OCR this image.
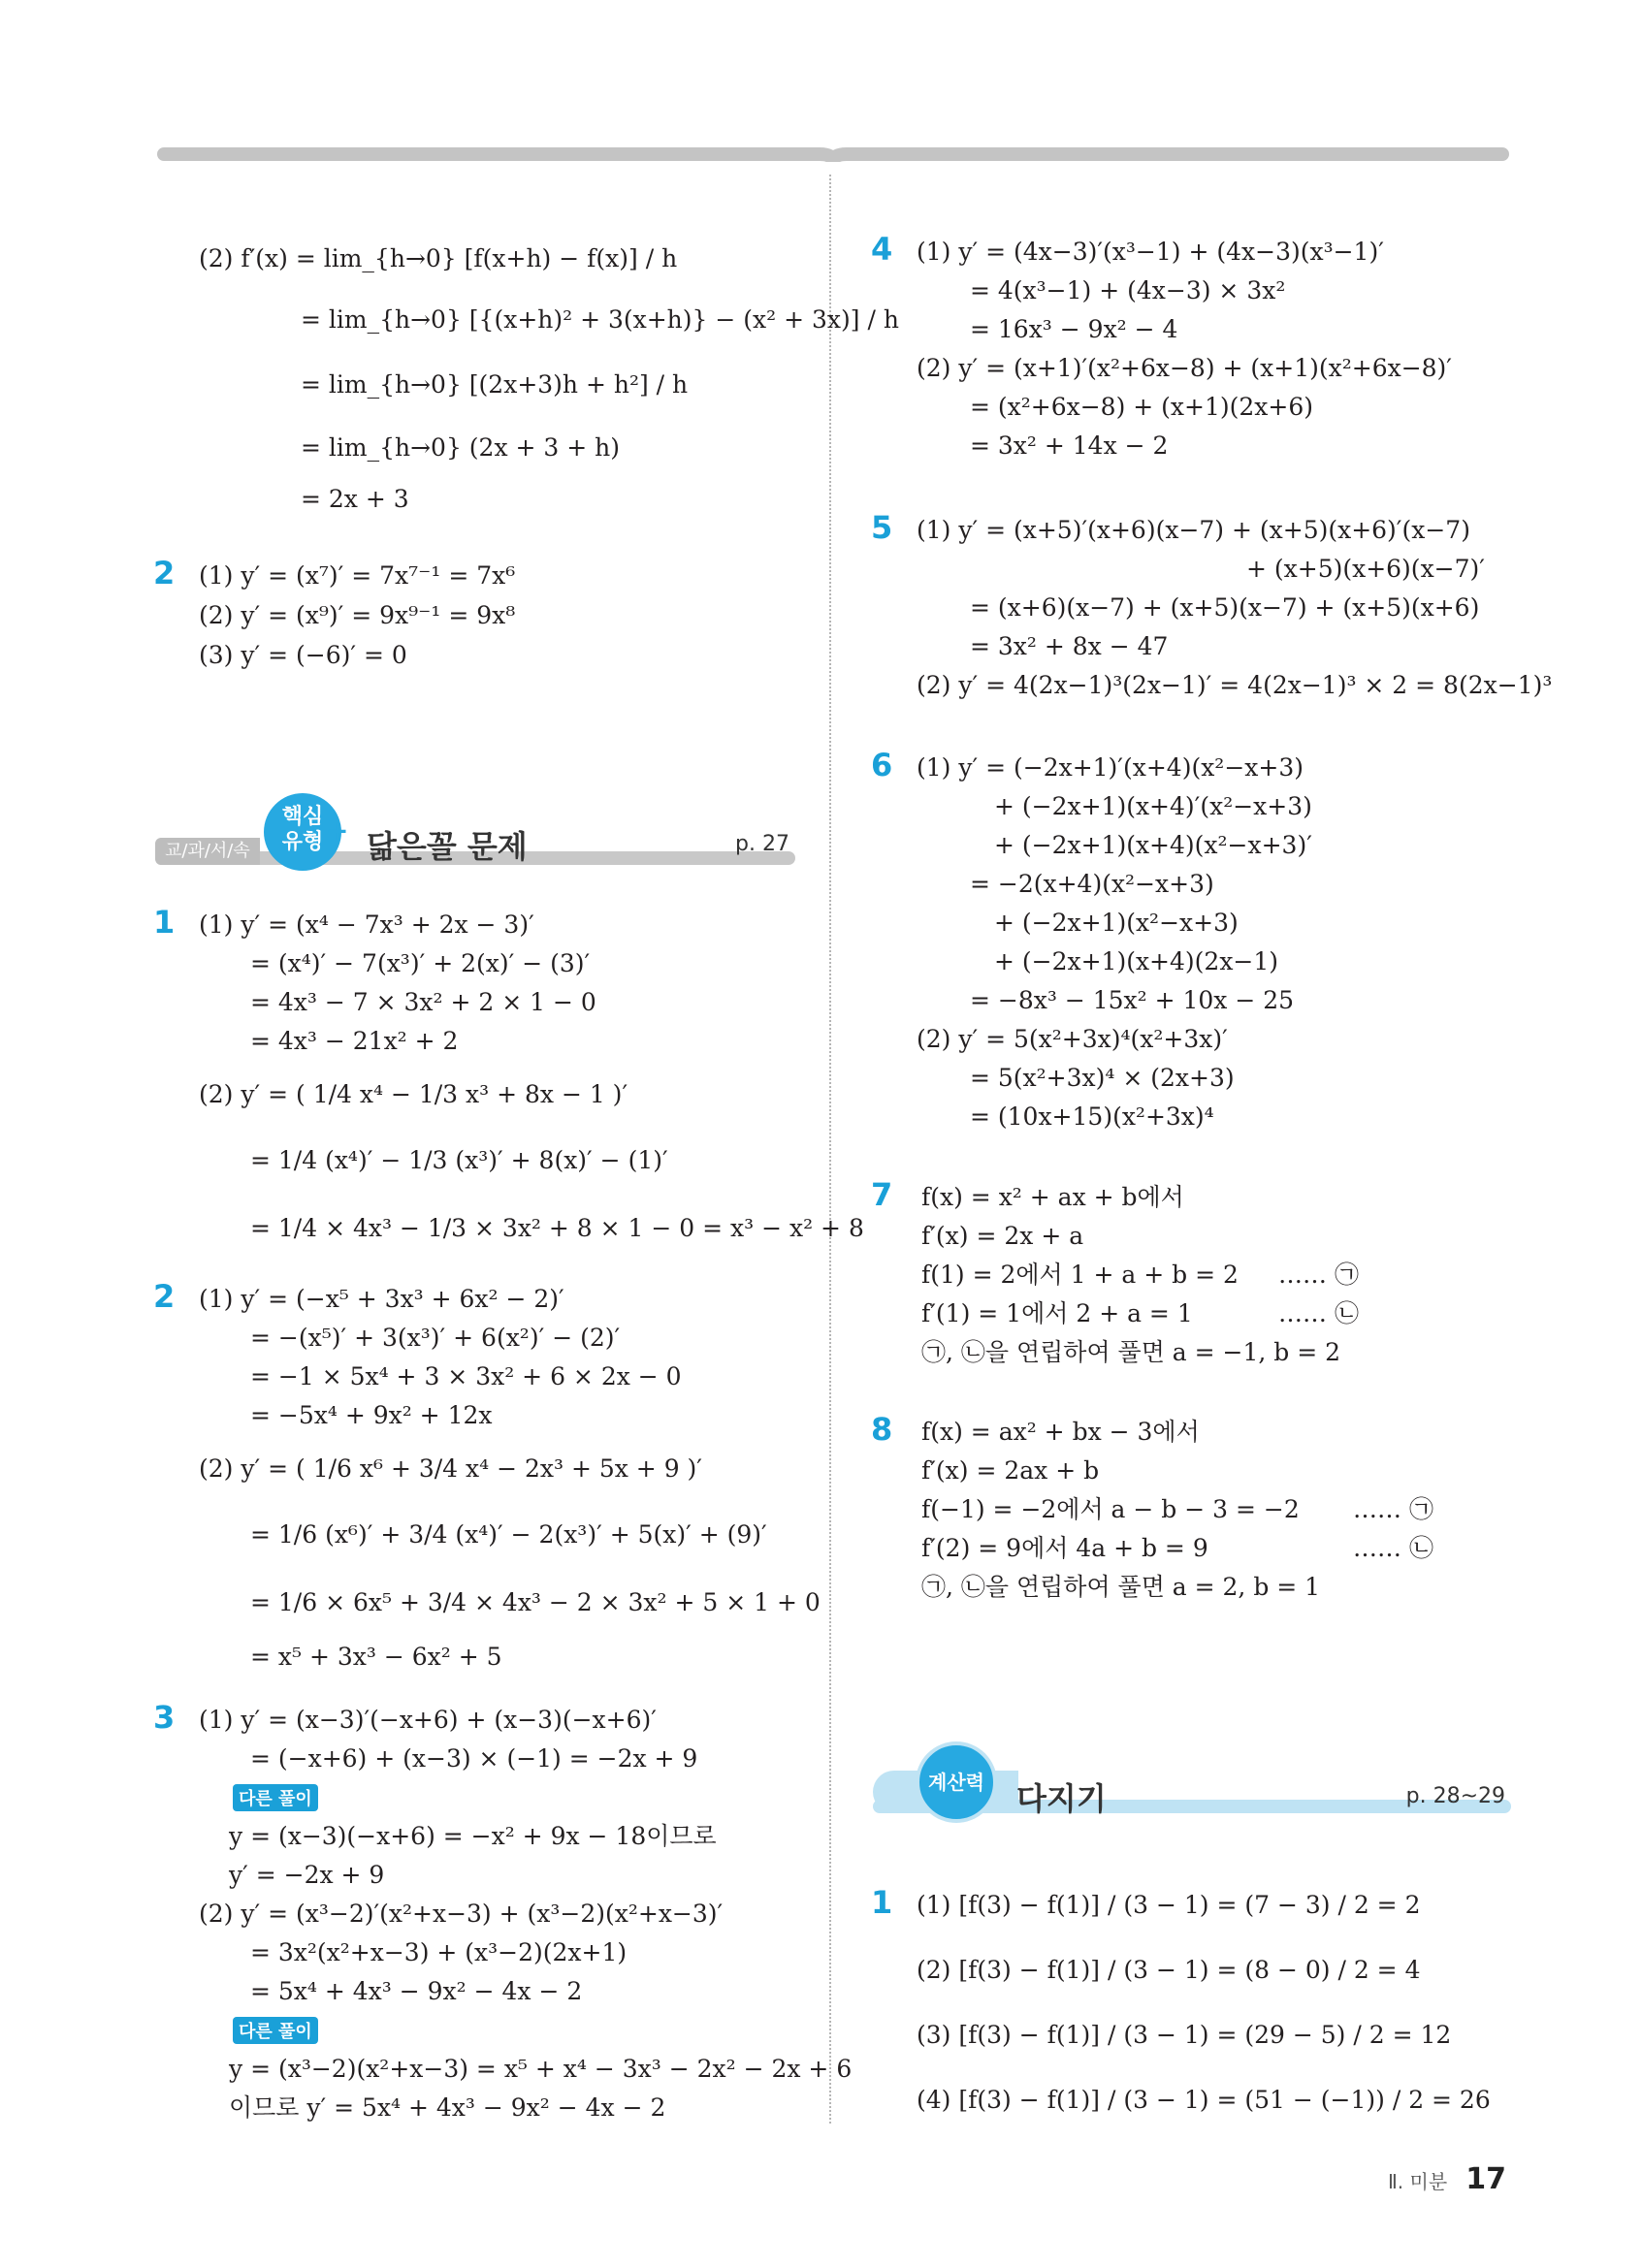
(2) f′(x) = lim_{h→0} [f(x+h) − f(x)] / h
= lim_{h→0} [{(x+h)² + 3(x+h)} − (x² + 3x)] / h
= lim_{h→0} [(2x+3)h + h²] / h
= lim_{h→0} (2x + 3 + h)
= 2x + 3
2 (1) y′ = (x⁷)′ = 7x⁷⁻¹ = 7x⁶
(2) y′ = (x⁹)′ = 9x⁹⁻¹ = 9x⁸
(3) y′ = (−6)′ = 0
교/과/서/속
핵심
유형 + 닮은꼴 문제	p. 27
1 (1) y′ = (x⁴ − 7x³ + 2x − 3)′
= (x⁴)′ − 7(x³)′ + 2(x)′ − (3)′
= 4x³ − 7 × 3x² + 2 × 1 − 0
= 4x³ − 21x² + 2
(2) y′ = ( 1/4 x⁴ − 1/3 x³ + 8x − 1 )′
= 1/4 (x⁴)′ − 1/3 (x³)′ + 8(x)′ − (1)′
= 1/4 × 4x³ − 1/3 × 3x² + 8 × 1 − 0 = x³ − x² + 8
2 (1) y′ = (−x⁵ + 3x³ + 6x² − 2)′
= −(x⁵)′ + 3(x³)′ + 6(x²)′ − (2)′
= −1 × 5x⁴ + 3 × 3x² + 6 × 2x − 0
= −5x⁴ + 9x² + 12x
(2) y′ = ( 1/6 x⁶ + 3/4 x⁴ − 2x³ + 5x + 9 )′
= 1/6 (x⁶)′ + 3/4 (x⁴)′ − 2(x³)′ + 5(x)′ + (9)′
= 1/6 × 6x⁵ + 3/4 × 4x³ − 2 × 3x² + 5 × 1 + 0
= x⁵ + 3x³ − 6x² + 5
3 (1) y′ = (x−3)′(−x+6) + (x−3)(−x+6)′
= (−x+6) + (x−3) × (−1) = −2x + 9
다른 풀이
y = (x−3)(−x+6) = −x² + 9x − 18이므로
y′ = −2x + 9
(2) y′ = (x³−2)′(x²+x−3) + (x³−2)(x²+x−3)′
= 3x²(x²+x−3) + (x³−2)(2x+1)
= 5x⁴ + 4x³ − 9x² − 4x − 2
다른 풀이
y = (x³−2)(x²+x−3) = x⁵ + x⁴ − 3x³ − 2x² − 2x + 6
이므로 y′ = 5x⁴ + 4x³ − 9x² − 4x − 2
4 (1) y′ = (4x−3)′(x³−1) + (4x−3)(x³−1)′
= 4(x³−1) + (4x−3) × 3x²
= 16x³ − 9x² − 4
(2) y′ = (x+1)′(x²+6x−8) + (x+1)(x²+6x−8)′
= (x²+6x−8) + (x+1)(2x+6)
= 3x² + 14x − 2
5 (1) y′ = (x+5)′(x+6)(x−7) + (x+5)(x+6)′(x−7)
+ (x+5)(x+6)(x−7)′
= (x+6)(x−7) + (x+5)(x−7) + (x+5)(x+6)
= 3x² + 8x − 47
(2) y′ = 4(2x−1)³(2x−1)′ = 4(2x−1)³ × 2 = 8(2x−1)³
6 (1) y′ = (−2x+1)′(x+4)(x²−x+3)
+ (−2x+1)(x+4)′(x²−x+3)
+ (−2x+1)(x+4)(x²−x+3)′
= −2(x+4)(x²−x+3)
+ (−2x+1)(x²−x+3)
+ (−2x+1)(x+4)(2x−1)
= −8x³ − 15x² + 10x − 25
(2) y′ = 5(x²+3x)⁴(x²+3x)′
= 5(x²+3x)⁴ × (2x+3)
= (10x+15)(x²+3x)⁴
7 f(x) = x² + ax + b에서
f′(x) = 2x + a
f(1) = 2에서 1 + a + b = 2 …… ㉠
f′(1) = 1에서 2 + a = 1	…… ㉡
㉠, ㉡을 연립하여 풀면 a = −1, b = 2
8 f(x) = ax² + bx − 3에서
f′(x) = 2ax + b
f(−1) = −2에서 a − b − 3 = −2 …… ㉠
f′(2) = 9에서 4a + b = 9	…… ㉡
㉠, ㉡을 연립하여 풀면 a = 2, b = 1
계산력 다지기	p. 28~29
1 (1) [f(3) − f(1)] / (3 − 1) = (7 − 3) / 2 = 2
(2) [f(3) − f(1)] / (3 − 1) = (8 − 0) / 2 = 4
(3) [f(3) − f(1)] / (3 − 1) = (29 − 5) / 2 = 12
(4) [f(3) − f(1)] / (3 − 1) = (51 − (−1)) / 2 = 26
Ⅱ. 미분 17
